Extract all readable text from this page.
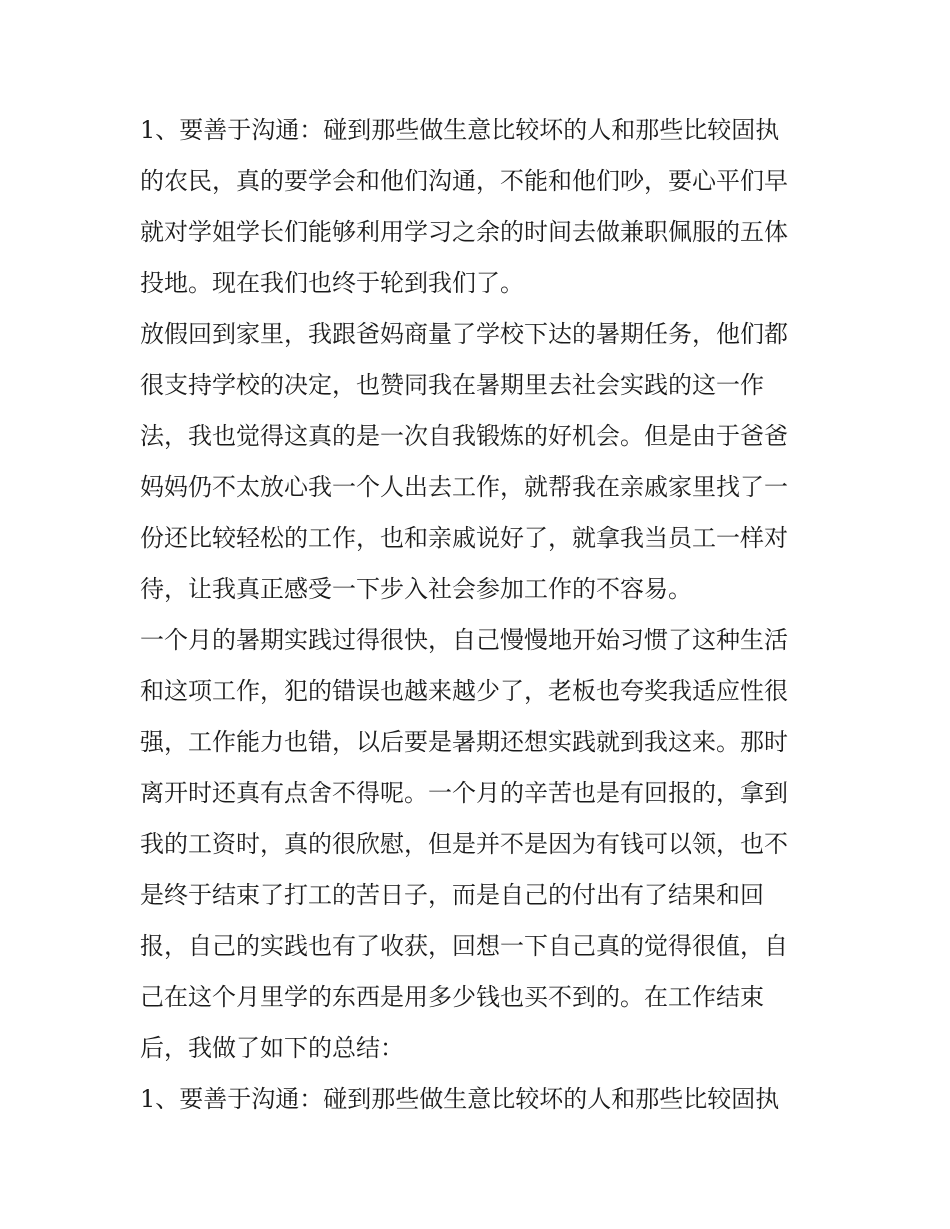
1、要善于沟通：碰到那些做生意比较坏的人和那些比较固执
的农民，真的要学会和他们沟通，不能和他们吵，要心平们早
就对学姐学长们能够利用学习之余的时间去做兼职佩服的五体
投地。现在我们也终于轮到我们了。
放假回到家里，我跟爸妈商量了学校下达的暑期任务，他们都
很支持学校的决定，也赞同我在暑期里去社会实践的这一作
法，我也觉得这真的是一次自我锻炼的好机会。但是由于爸爸
妈妈仍不太放心我一个人出去工作，就帮我在亲戚家里找了一
份还比较轻松的工作，也和亲戚说好了，就拿我当员工一样对
待，让我真正感受一下步入社会参加工作的不容易。
一个月的暑期实践过得很快，自己慢慢地开始习惯了这种生活
和这项工作，犯的错误也越来越少了，老板也夸奖我适应性很
强，工作能力也错，以后要是暑期还想实践就到我这来。那时
离开时还真有点舍不得呢。一个月的辛苦也是有回报的，拿到
我的工资时，真的很欣慰，但是并不是因为有钱可以领，也不
是终于结束了打工的苦日子，而是自己的付出有了结果和回
报，自己的实践也有了收获，回想一下自己真的觉得很值，自
己在这个月里学的东西是用多少钱也买不到的。在工作结束
后，我做了如下的总结：
1、要善于沟通：碰到那些做生意比较坏的人和那些比较固执
